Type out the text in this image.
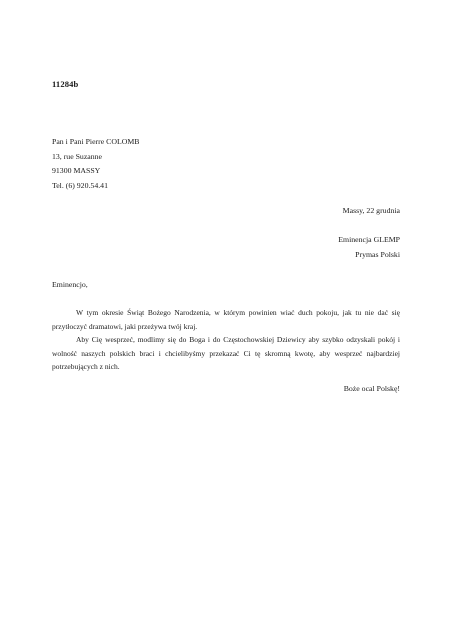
11284b
Pan i Pani Pierre COLOMB
13, rue Suzanne
91300 MASSY
Tel. (6) 920.54.41
Massy, 22 grudnia
Eminencja GLEMP
Prymas Polski
Eminencjo,

W tym okresie Świąt Bożego Narodzenia, w którym powinien wiać duch pokoju, jak tu nie dać się przytłoczyć dramatowi, jaki przeżywa twój kraj.

Aby Cię wesprzeć, modlimy się do Boga i do Częstochowskiej Dziewicy aby szybko odzyskali pokój i wolność naszych polskich braci i chcielibyśmy przekazać Ci tę skromną kwotę, aby wesprzeć najbardziej potrzebujących z nich.

Boże ocal Polskę!
